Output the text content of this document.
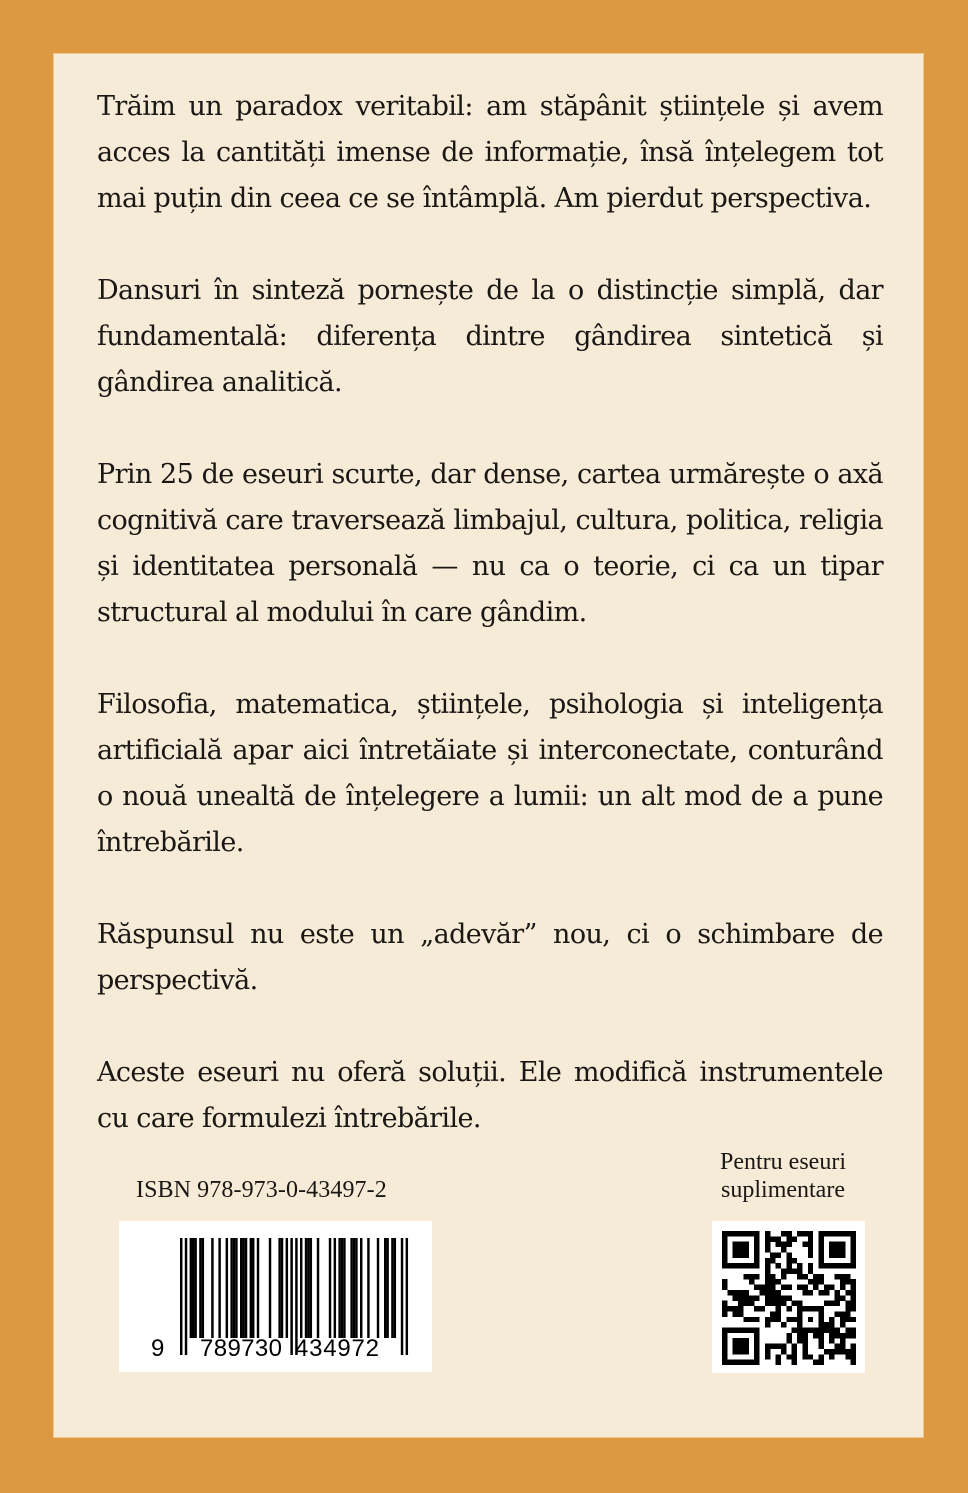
Trăim un paradox veritabil: am stăpânit științele și avem acces la cantități imense de informație, însă înțelegem tot mai puțin din ceea ce se întâmplă. Am pierdut perspectiva.

Dansuri în sinteză pornește de la o distincție simplă, dar fundamentală: diferența dintre gândirea sintetică și gândirea analitică.

Prin 25 de eseuri scurte, dar dense, cartea urmărește o axă cognitivă care traversează limbajul, cultura, politica, religia și identitatea personală — nu ca o teorie, ci ca un tipar structural al modului în care gândim.

Filosofia, matematica, științele, psihologia și inteligența artificială apar aici întretăiate și interconectate, conturând o nouă unealtă de înțelegere a lumii: un alt mod de a pune întrebările.

Răspunsul nu este un „adevăr” nou, ci o schimbare de perspectivă.

Aceste eseuri nu oferă soluții. Ele modifică instrumentele cu care formulezi întrebările.

ISBN 978-973-0-43497-2
9 789730 434972
Pentru eseuri
suplimentare
